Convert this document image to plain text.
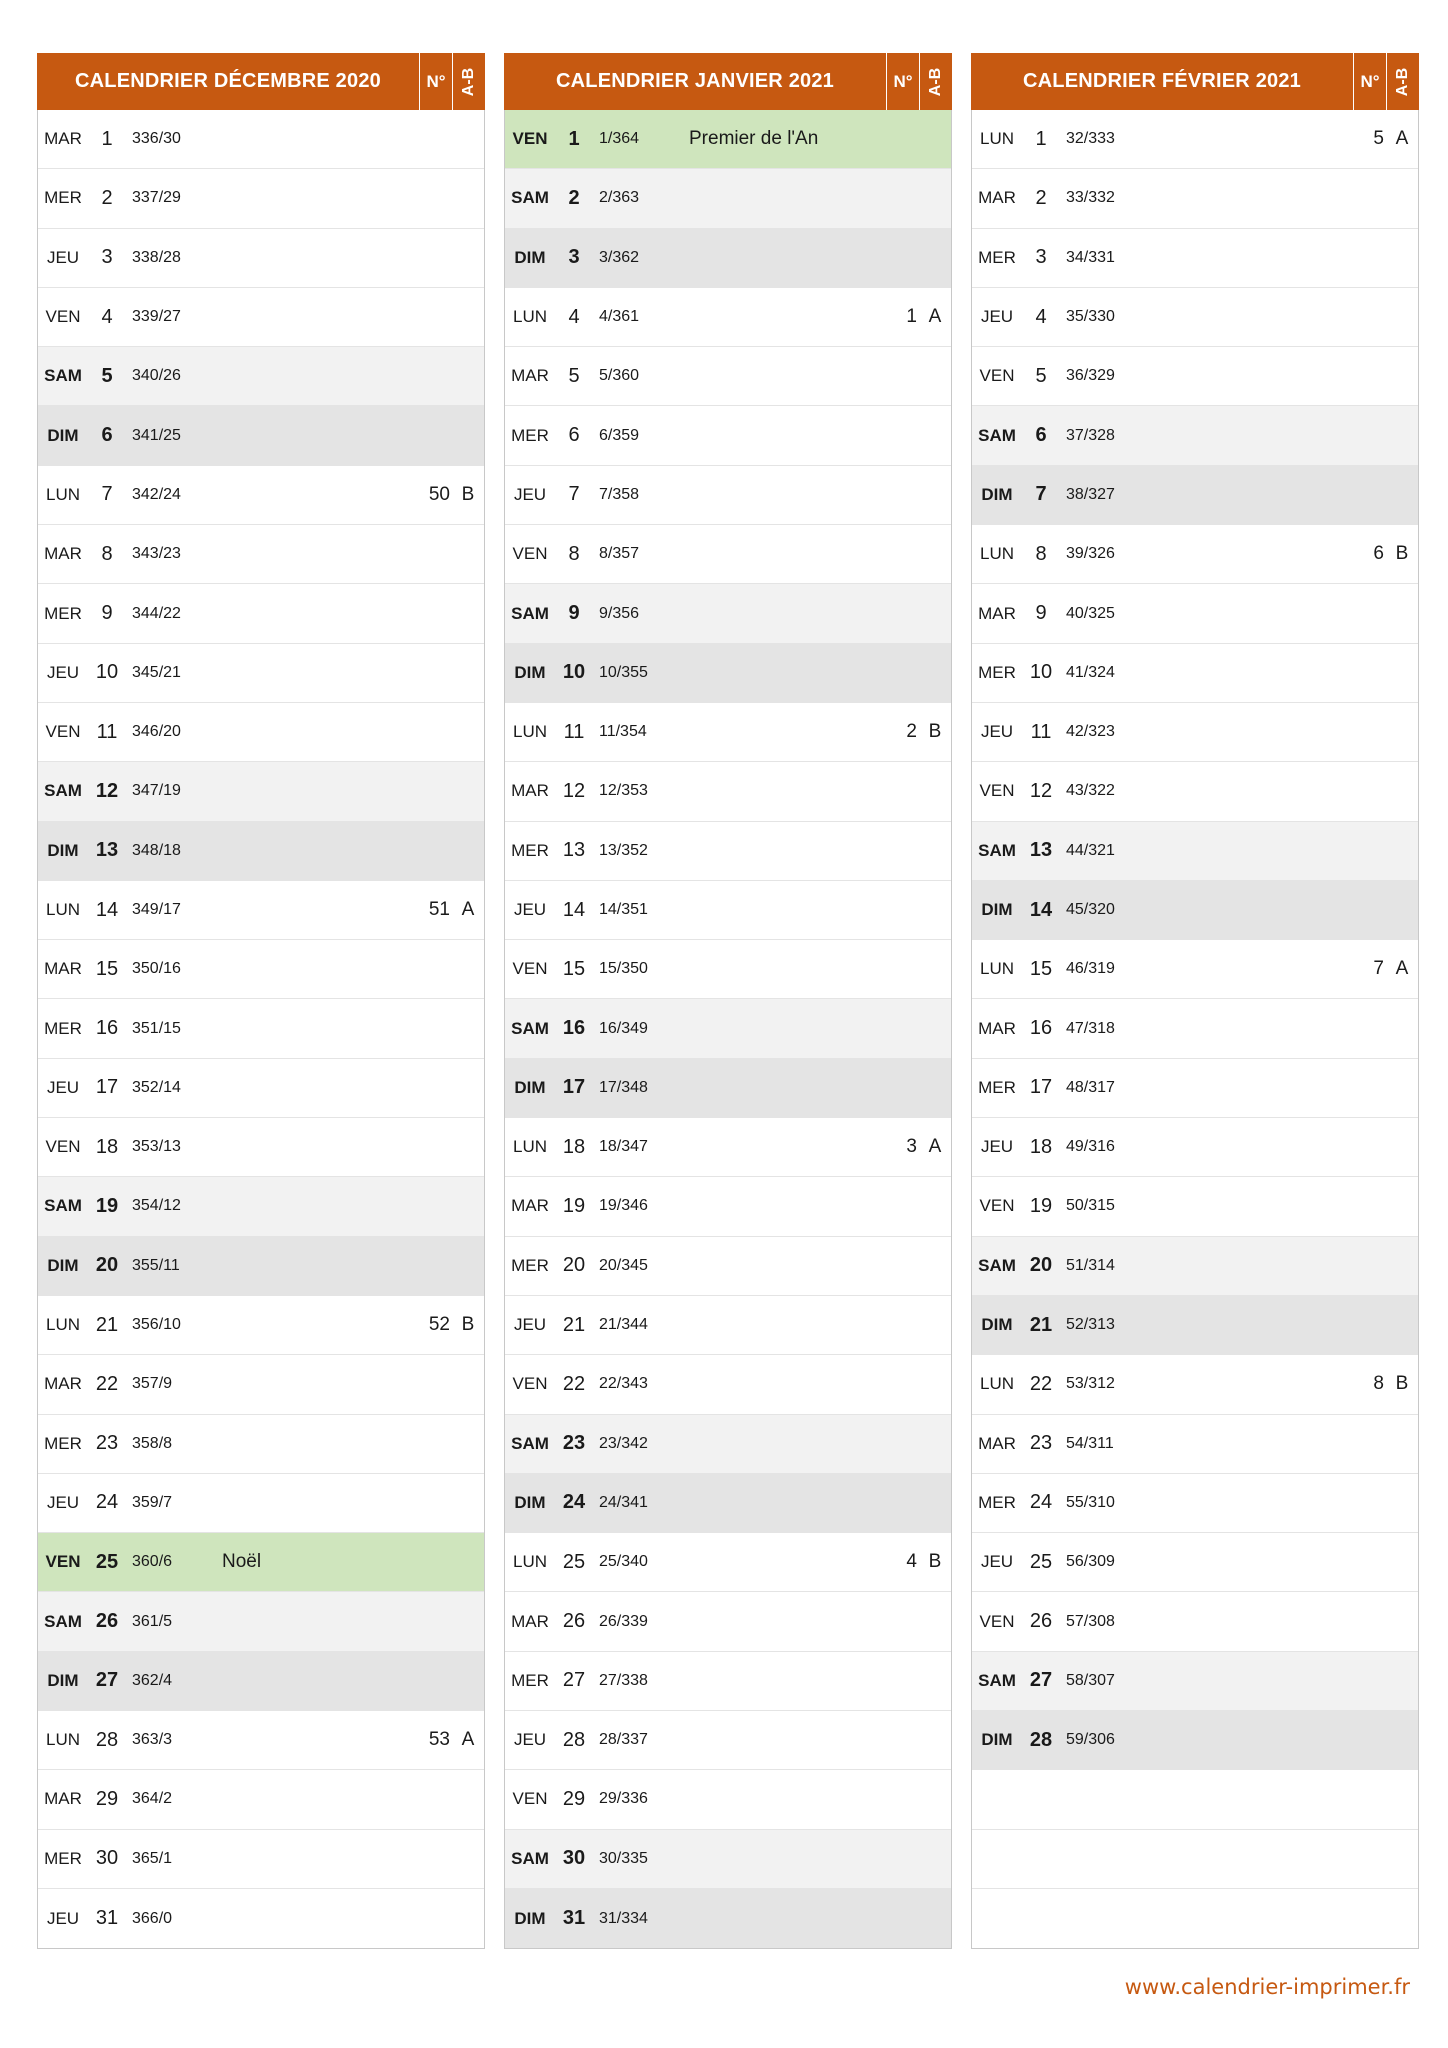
CALENDRIER DÉCEMBRE 2020	N° A-B
MAR 1	336/30
MER 2	337/29
JEU	3	338/28
VEN	4	339/27
SAM 5	340/26
DIM	6	341/25
LUN	7	342/24	50 B
MAR 8	343/23
MER 9	344/22
JEU 10 345/21
VEN 11 346/20
SAM 12 347/19
DIM 13 348/18
LUN 14 349/17	51 A
MAR 15 350/16
MER 16 351/15
JEU 17 352/14
VEN 18 353/13
SAM 19 354/12
DIM 20 355/11
LUN 21 356/10	52 B
MAR 22 357/9
MER 23 358/8
JEU 24 359/7
VEN 25 360/6	Noël
SAM 26 361/5
DIM 27 362/4
LUN 28 363/3	53 A
MAR 29 364/2
MER 30 365/1
JEU 31 366/0
CALENDRIER JANVIER 2021	N° A-B
VEN	1	1/364	Premier de l'An
SAM 2	2/363
DIM	3	3/362
LUN	4	4/361	1 A
MAR 5	5/360
MER 6	6/359
JEU	7	7/358
VEN	8	8/357
SAM 9	9/356
DIM 10 10/355
LUN 11 11/354	2 B
MAR 12 12/353
MER 13 13/352
JEU 14 14/351
VEN 15 15/350
SAM 16 16/349
DIM 17 17/348
LUN 18 18/347	3 A
MAR 19 19/346
MER 20 20/345
JEU 21 21/344
VEN 22 22/343
SAM 23 23/342
DIM 24 24/341
LUN 25 25/340	4 B
MAR 26 26/339
MER 27 27/338
JEU 28 28/337
VEN 29 29/336
SAM 30 30/335
DIM 31 31/334
CALENDRIER FÉVRIER 2021	N° A-B
LUN	1	32/333	5 A
MAR 2	33/332
MER 3	34/331
JEU	4	35/330
VEN	5	36/329
SAM 6	37/328
DIM	7	38/327
LUN	8	39/326	6 B
MAR 9	40/325
MER 10 41/324
JEU 11 42/323
VEN 12 43/322
SAM 13 44/321
DIM 14 45/320
LUN 15 46/319	7 A
MAR 16 47/318
MER 17 48/317
JEU 18 49/316
VEN 19 50/315
SAM 20 51/314
DIM 21 52/313
LUN 22 53/312	8 B
MAR 23 54/311
MER 24 55/310
JEU 25 56/309
VEN 26 57/308
SAM 27 58/307
DIM 28 59/306
www.calendrier-imprimer.fr
